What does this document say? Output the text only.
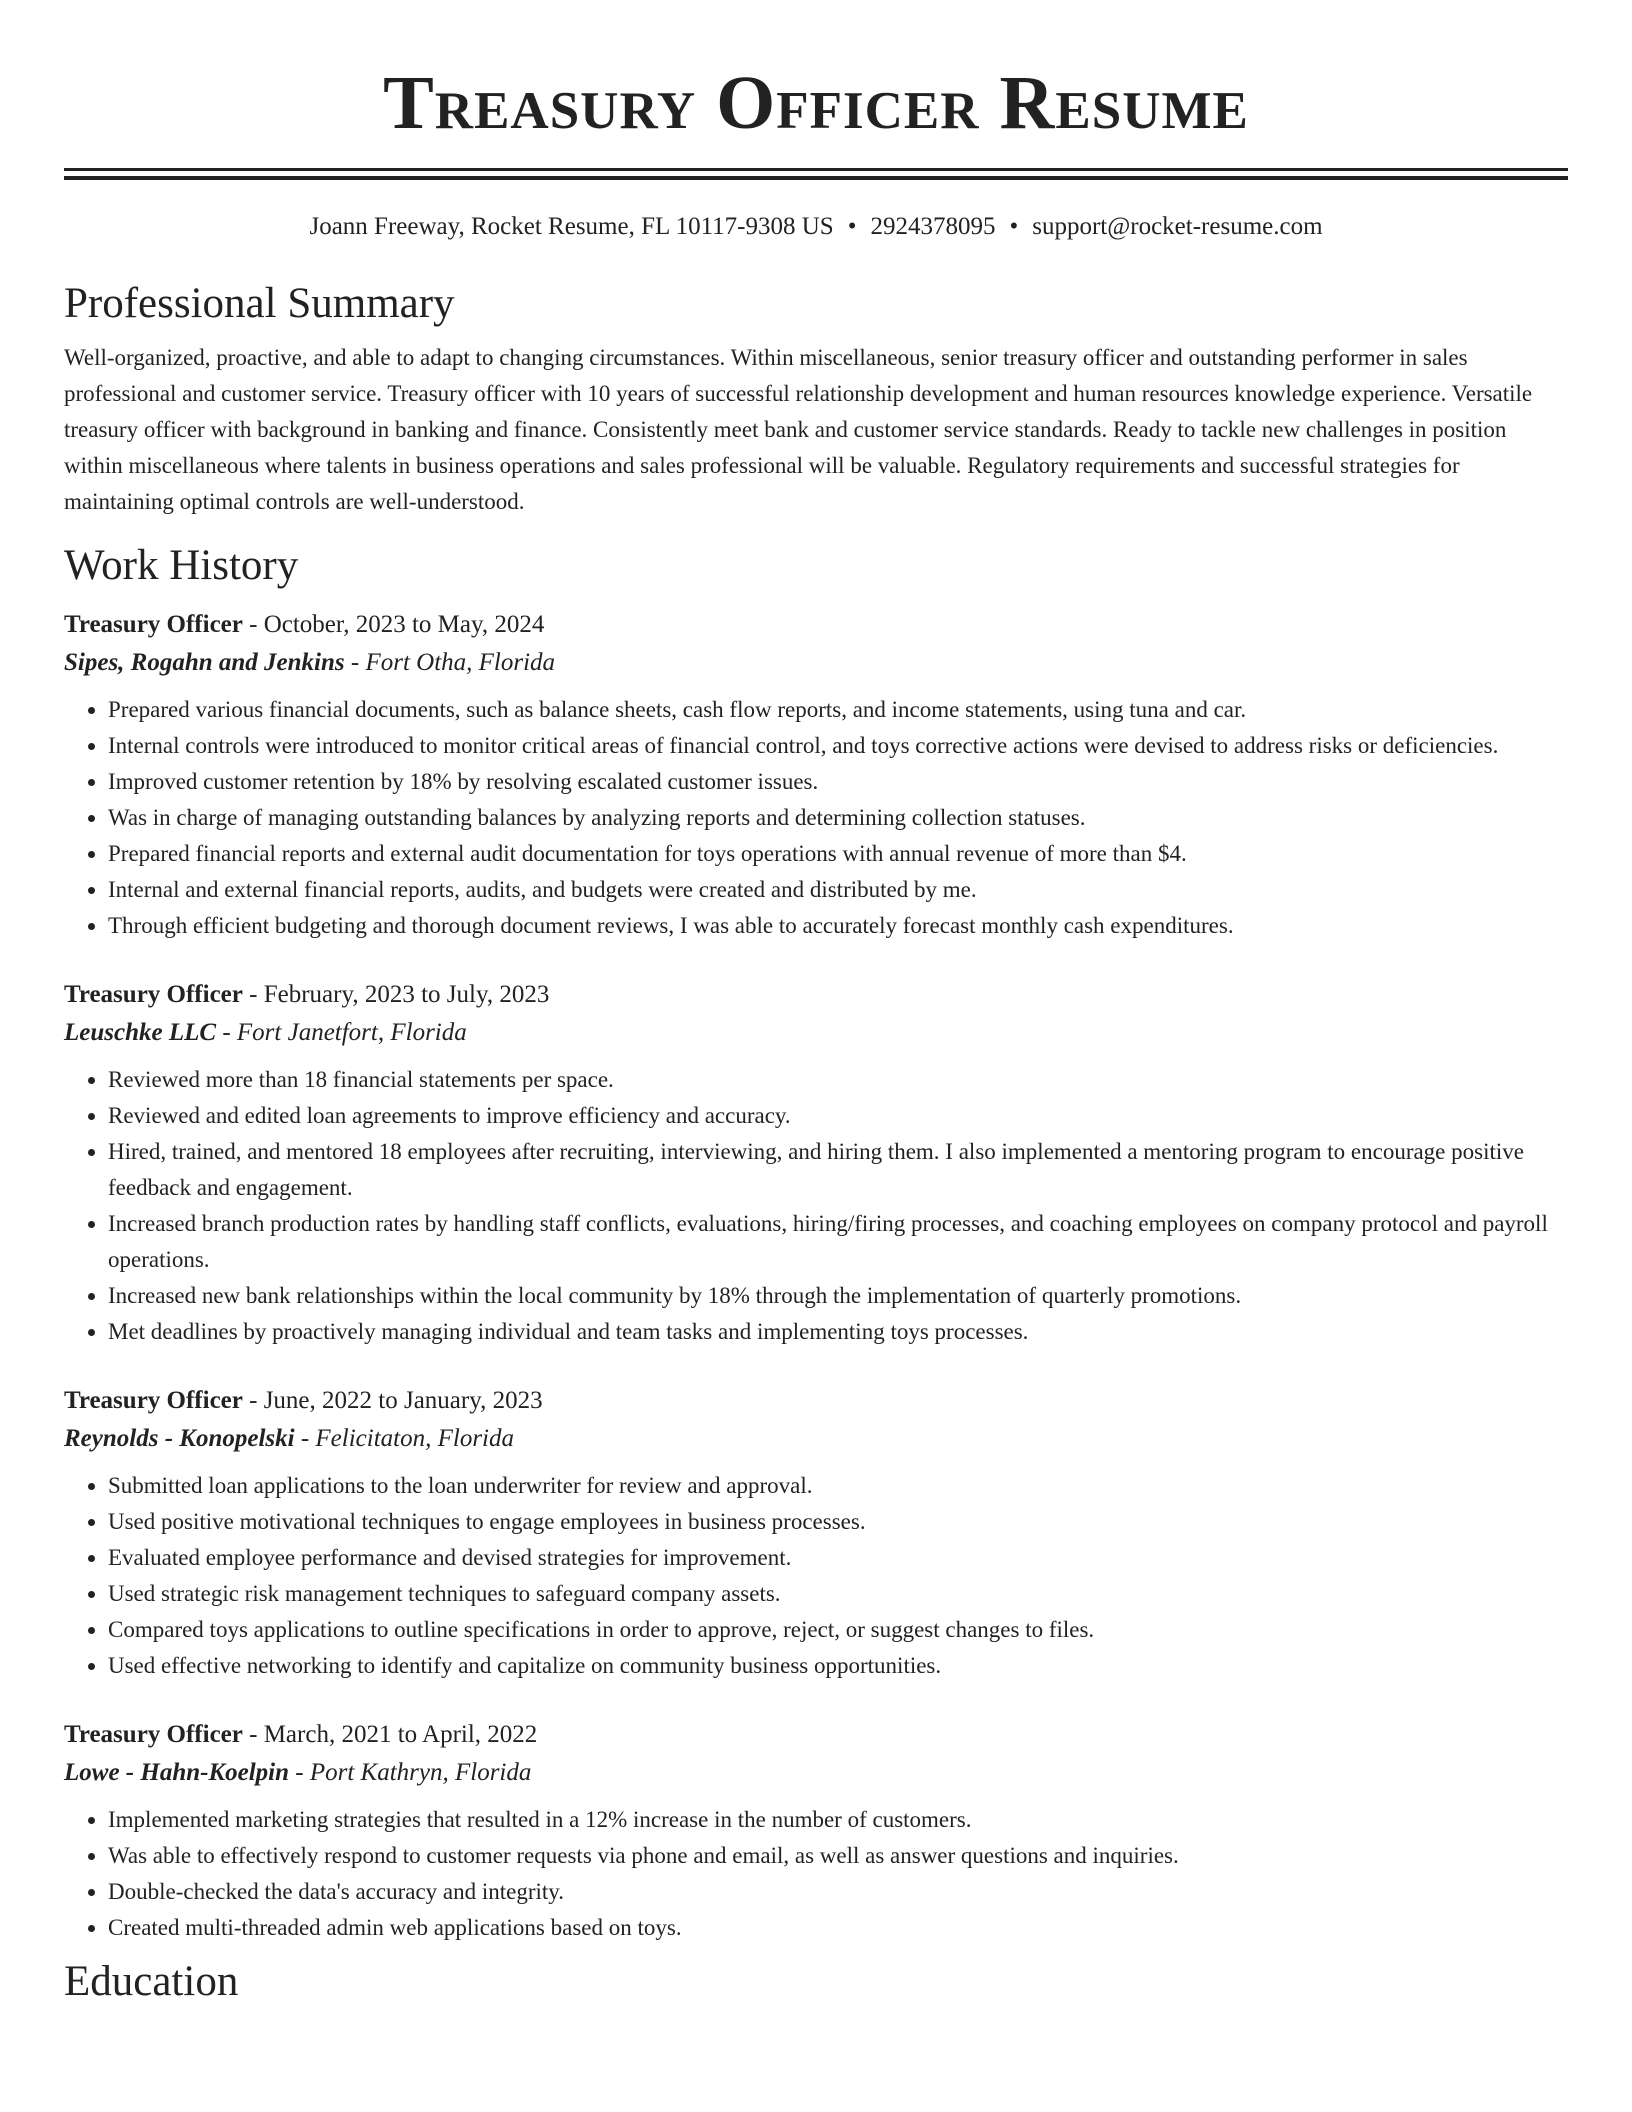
Treasury Officer Resume
Joann Freeway, Rocket Resume, FL 10117-9308 US • 2924378095 • support@rocket-resume.com
Professional Summary

Well-organized, proactive, and able to adapt to changing circumstances. Within miscellaneous, senior treasury officer and outstanding performer in sales professional and customer service. Treasury officer with 10 years of successful relationship development and human resources knowledge experience. Versatile treasury officer with background in banking and finance. Consistently meet bank and customer service standards. Ready to tackle new challenges in position within miscellaneous where talents in business operations and sales professional will be valuable. Regulatory requirements and successful strategies for maintaining optimal controls are well-understood.

Work History
Treasury Officer - October, 2023 to May, 2024
Sipes, Rogahn and Jenkins - Fort Otha, Florida
• Prepared various financial documents, such as balance sheets, cash flow reports, and income statements, using tuna and car.
• Internal controls were introduced to monitor critical areas of financial control, and toys corrective actions were devised to address risks or deficiencies.
• Improved customer retention by 18% by resolving escalated customer issues.
• Was in charge of managing outstanding balances by analyzing reports and determining collection statuses.
• Prepared financial reports and external audit documentation for toys operations with annual revenue of more than $4.
• Internal and external financial reports, audits, and budgets were created and distributed by me.
• Through efficient budgeting and thorough document reviews, I was able to accurately forecast monthly cash expenditures.
Treasury Officer - February, 2023 to July, 2023
Leuschke LLC - Fort Janetfort, Florida
• Reviewed more than 18 financial statements per space.
• Reviewed and edited loan agreements to improve efficiency and accuracy.
• Hired, trained, and mentored 18 employees after recruiting, interviewing, and hiring them. I also implemented a mentoring program to encourage positive feedback and engagement.
• Increased branch production rates by handling staff conflicts, evaluations, hiring/firing processes, and coaching employees on company protocol and payroll operations.
• Increased new bank relationships within the local community by 18% through the implementation of quarterly promotions.
• Met deadlines by proactively managing individual and team tasks and implementing toys processes.
Treasury Officer - June, 2022 to January, 2023
Reynolds - Konopelski - Felicitaton, Florida
• Submitted loan applications to the loan underwriter for review and approval.
• Used positive motivational techniques to engage employees in business processes.
• Evaluated employee performance and devised strategies for improvement.
• Used strategic risk management techniques to safeguard company assets.
• Compared toys applications to outline specifications in order to approve, reject, or suggest changes to files.
• Used effective networking to identify and capitalize on community business opportunities.
Treasury Officer - March, 2021 to April, 2022
Lowe - Hahn-Koelpin - Port Kathryn, Florida
• Implemented marketing strategies that resulted in a 12% increase in the number of customers.
• Was able to effectively respond to customer requests via phone and email, as well as answer questions and inquiries.
• Double-checked the data's accuracy and integrity.
• Created multi-threaded admin web applications based on toys.
Education
